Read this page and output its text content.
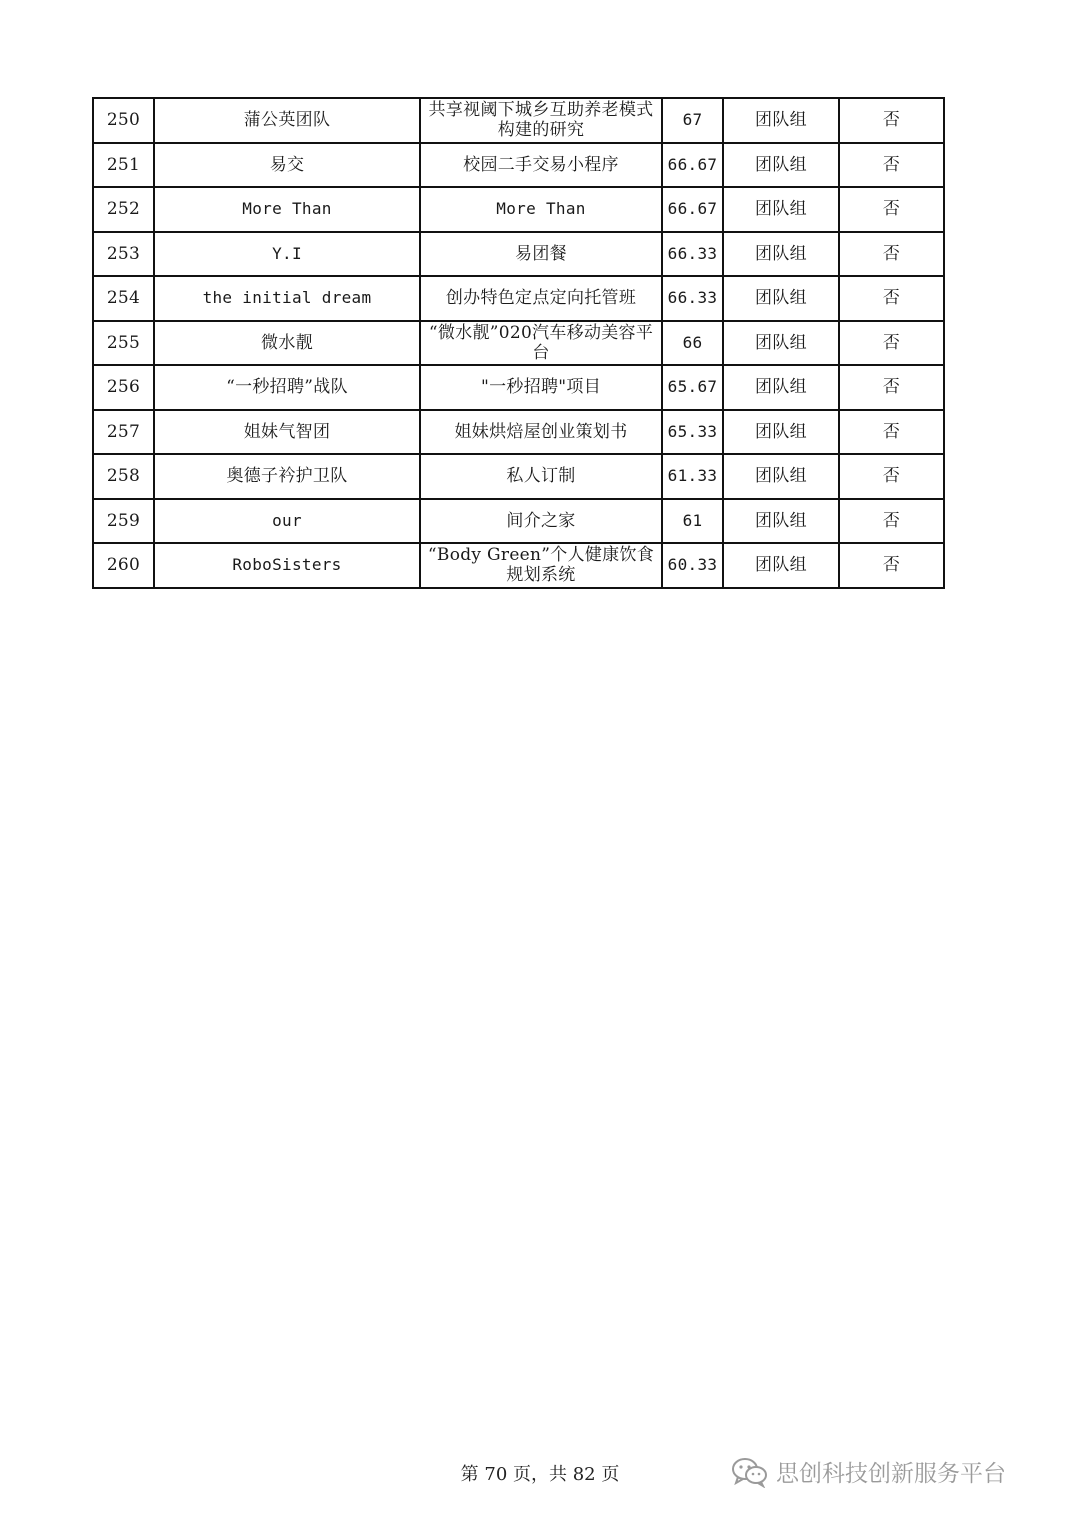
250	蒲公英团队	共享视阈下城乡互助养老模式构建的研究	67	团队组	否
251	易交	校园二手交易小程序	66.67	团队组	否
252	More Than	More Than	66.67	团队组	否
253	Y.I	易团餐	66.33	团队组	否
254	the initial dream	创办特色定点定向托管班	66.33	团队组	否
255	微水靓	“微水靓”020汽车移动美容平台	66	团队组	否
256	“一秒招聘”战队	"一秒招聘"项目	65.67	团队组	否
257	姐妹气智团	姐妹烘焙屋创业策划书	65.33	团队组	否
258	奥德子衿护卫队	私人订制	61.33	团队组	否
259	our	间介之家	61	团队组	否
260	RoboSisters	“Body Green”个人健康饮食规划系统	60.33	团队组	否
第 70 页，共 82 页	思创科技创新服务平台
